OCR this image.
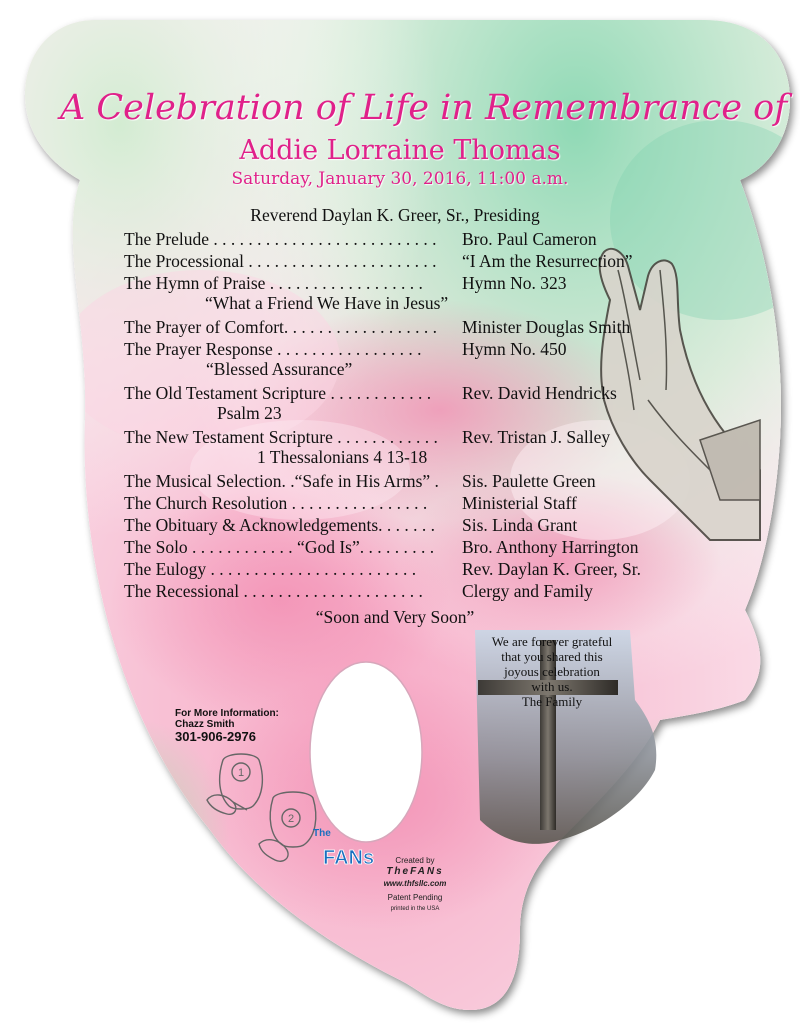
A Celebration of Life in Remembrance of
Addie Lorraine Thomas
Saturday, January 30, 2016, 11:00 a.m.
Reverend Daylan K. Greer, Sr., Presiding
The Prelude . . . . . . . . . . . . . . . . . . . . . . . . . . Bro. Paul Cameron
The Processional . . . . . . . . . . . . . . . . . . . . . . “I Am the Resurrection”
The Hymn of Praise . . . . . . . . . . . . . . . . . . Hymn No. 323
“What a Friend We Have in Jesus”
The Prayer of Comfort. . . . . . . . . . . . . . . . . . Minister Douglas Smith
The Prayer Response . . . . . . . . . . . . . . . . . Hymn No. 450
“Blessed Assurance”
The Old Testament Scripture . . . . . . . . . . . . Rev. David Hendricks
Psalm 23
The New Testament Scripture . . . . . . . . . . . . Rev. Tristan J. Salley
1 Thessalonians 4 13-18
The Musical Selection. .“Safe in His Arms” . Sis. Paulette Green
The Church Resolution . . . . . . . . . . . . . . . . Ministerial Staff
The Obituary & Acknowledgements. . . . . . . Sis. Linda Grant
The Solo . . . . . . . . . . . . “God Is”. . . . . . . . . Bro. Anthony Harrington
The Eulogy . . . . . . . . . . . . . . . . . . . . . . . .	Rev. Daylan K. Greer, Sr.
The Recessional . . . . . . . . . . . . . . . . . . . . . Clergy and Family
“Soon and Very Soon”
We are forever grateful
that you shared this
joyous celebration
with us.
The Family
For More Information:
Chazz Smith
301-906-2976
1
2
The
FANs	Created by
TheFANs
www.thfsllc.com
Patent Pending
printed in the USA
